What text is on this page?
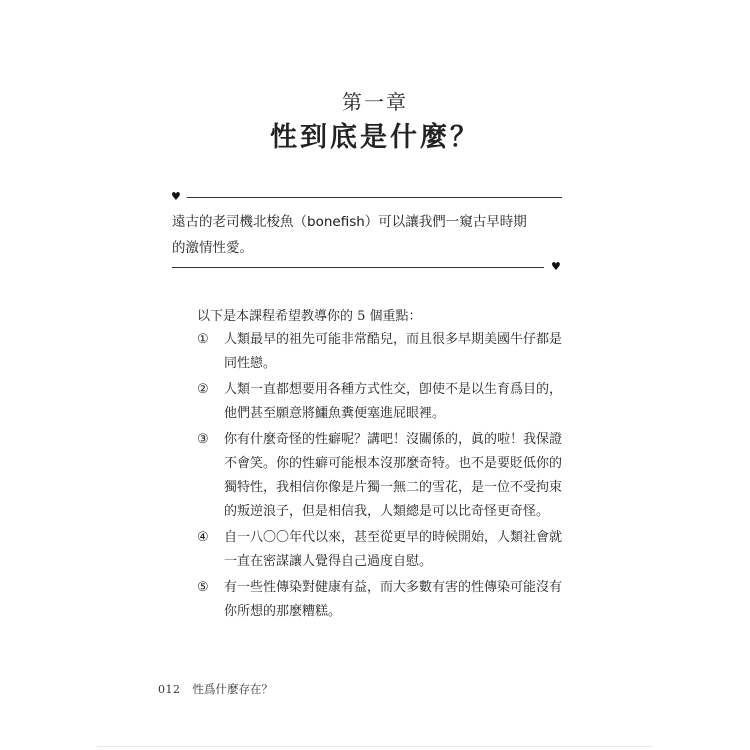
第一章
性到底是什麼？
♥
遠古的老司機北梭魚（bonefish）可以讓我們一窺古早時期
的激情性愛。
♥
以下是本課程希望教導你的 5 個重點：
① 人類最早的祖先可能非常酷兒，而且很多早期美國牛仔都是
同性戀。
② 人類一直都想要用各種方式性交，卽使不是以生育爲目的，
他們甚至願意將鱷魚糞便塞進屁眼裡。
③ 你有什麼奇怪的性癖呢？講吧！沒關係的，眞的啦！我保證
不會笑。你的性癖可能根本沒那麼奇特。也不是要貶低你的
獨特性，我相信你像是片獨一無二的雪花，是一位不受拘束
的叛逆浪子，但是相信我，人類總是可以比奇怪更奇怪。
④ 自一八〇〇年代以來，甚至從更早的時候開始，人類社會就
一直在密謀讓人覺得自己過度自慰。
⑤ 有一些性傳染對健康有益，而大多數有害的性傳染可能沒有
你所想的那麼糟糕。
012 性爲什麼存在？
